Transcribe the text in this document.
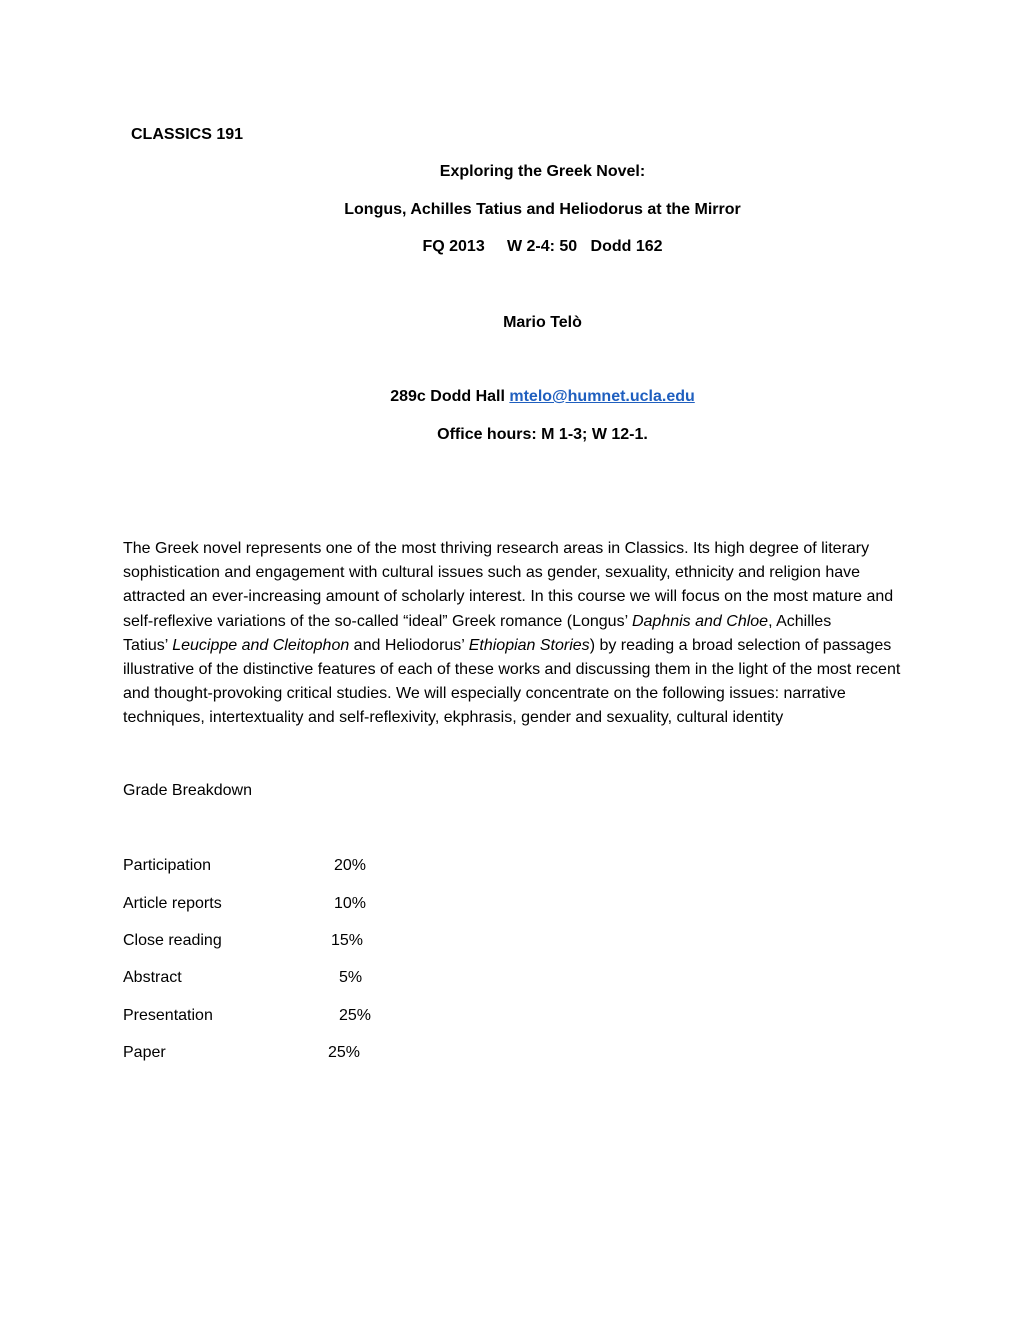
CLASSICS 191

Exploring the Greek Novel:

Longus, Achilles Tatius and Heliodorus at the Mirror

FQ 2013     W 2-4: 50   Dodd 162

Mario Telò

289c Dodd Hall mtelo@humnet.ucla.edu

Office hours: M 1-3; W 12-1.

The Greek novel represents one of the most thriving research areas in Classics. Its high degree of literary
sophistication and engagement with cultural issues such as gender, sexuality, ethnicity and religion have
attracted an ever-increasing amount of scholarly interest. In this course we will focus on the most mature and
self-reflexive variations of the so-called “ideal” Greek romance (Longus’ Daphnis and Chloe, Achilles
Tatius’ Leucippe and Cleitophon and Heliodorus’ Ethiopian Stories) by reading a broad selection of passages
illustrative of the distinctive features of each of these works and discussing them in the light of the most recent
and thought-provoking critical studies. We will especially concentrate on the following issues: narrative
techniques, intertextuality and self-reflexivity, ekphrasis, gender and sexuality, cultural identity

Grade Breakdown

Participation	20%
Article reports	10%
Close reading	15%
Abstract	5%
Presentation	25%
Paper	25%
